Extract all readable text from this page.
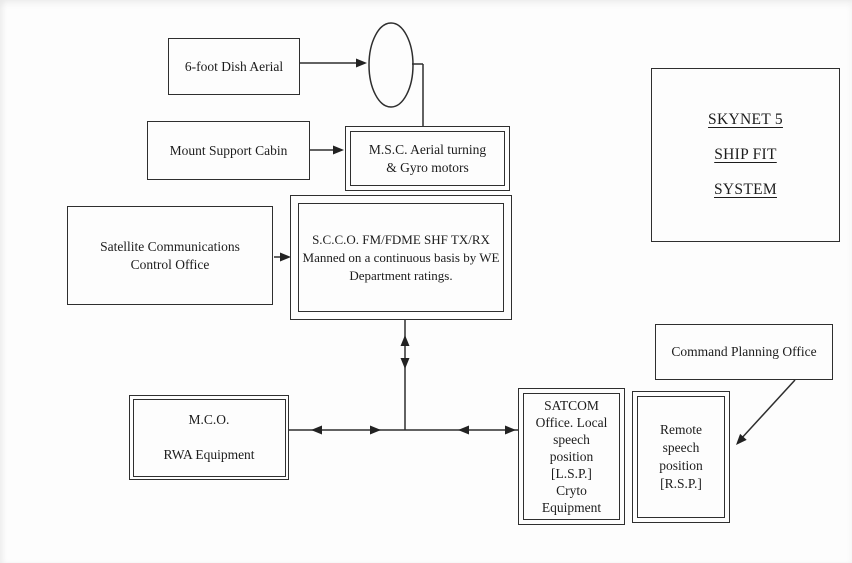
6-foot Dish Aerial
Mount Support Cabin	M.S.C. Aerial turning
& Gyro motors
Satellite Communications
Control Office
S.C.C.O. FM/FDME SHF TX/RX
Manned on a continuous basis by WE
Department ratings.
SKYNET 5
SHIP FIT
SYSTEM
Command Planning Office
M.C.O.
RWA Equipment
SATCOM
Office. Local
speech
position
[L.S.P.]
Cryto
Equipment
Remote
speech
position
[R.S.P.]
